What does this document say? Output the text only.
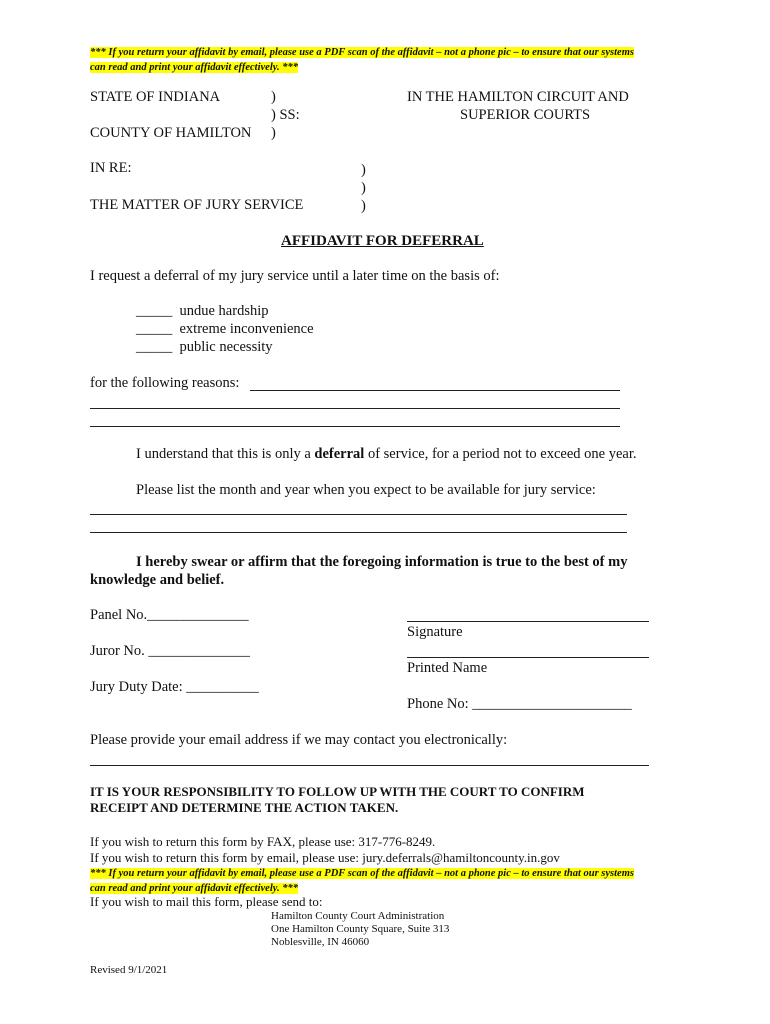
*** If you return your affidavit by email, please use a PDF scan of the affidavit – not a phone pic – to ensure that our systems
can read and print your affidavit effectively. ***
STATE OF INDIANA	)
) SS:
COUNTY OF HAMILTON )
IN THE HAMILTON CIRCUIT AND
SUPERIOR COURTS
IN RE:
THE MATTER OF JURY SERVICE
)
)
)
AFFIDAVIT FOR DEFERRAL
I request a deferral of my jury service until a later time on the basis of:
_____ undue hardship
_____ extreme inconvenience
_____ public necessity
for the following reasons:
I understand that this is only a deferral of service, for a period not to exceed one year.
Please list the month and year when you expect to be available for jury service:
I hereby swear or affirm that the foregoing information is true to the best of my
knowledge and belief.
Panel No.______________
Juror No. ______________
Jury Duty Date: __________
Signature
Printed Name
Phone No: ______________________
Please provide your email address if we may contact you electronically:
IT IS YOUR RESPONSIBILITY TO FOLLOW UP WITH THE COURT TO CONFIRM
RECEIPT AND DETERMINE THE ACTION TAKEN.
If you wish to return this form by FAX, please use: 317-776-8249.
If you wish to return this form by email, please use: jury.deferrals@hamiltoncounty.in.gov
*** If you return your affidavit by email, please use a PDF scan of the affidavit – not a phone pic – to ensure that our systems
can read and print your affidavit effectively. ***
If you wish to mail this form, please send to:
Hamilton County Court Administration
One Hamilton County Square, Suite 313
Noblesville, IN 46060
Revised 9/1/2021
